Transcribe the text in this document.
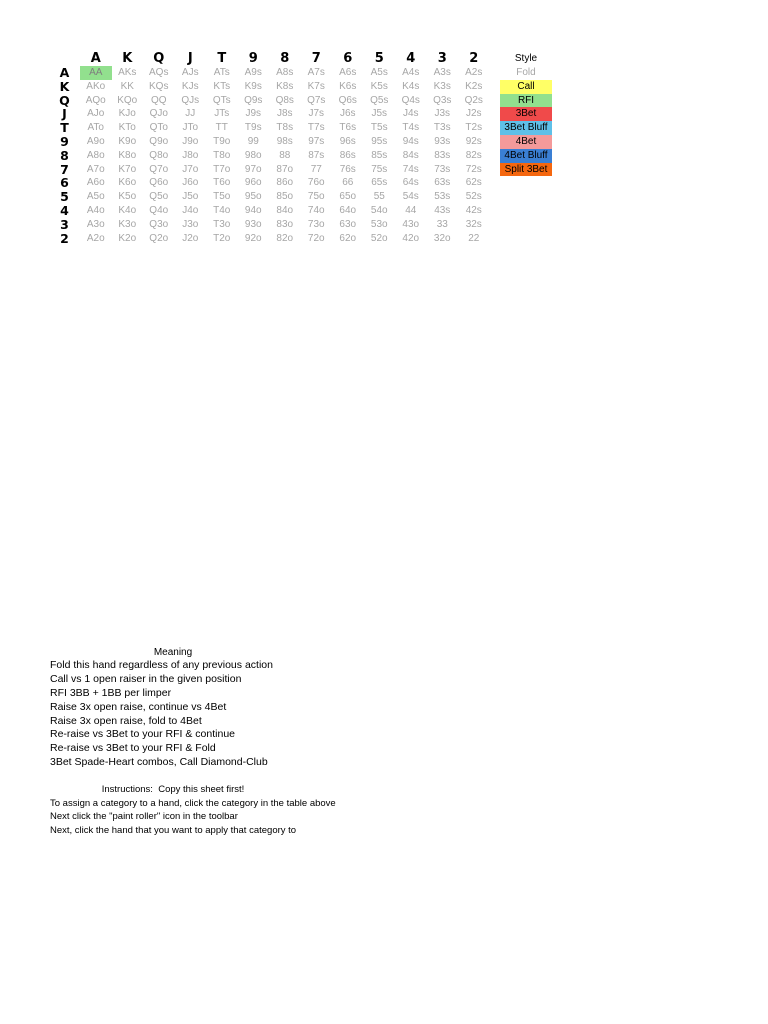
A	K	Q	J	T	9	8	7	6	5	4	3	2
A	AA	AKs	AQs	AJs	ATs	A9s	A8s	A7s	A6s	A5s	A4s	A3s	A2s
K	AKo	KK	KQs	KJs	KTs	K9s	K8s	K7s	K6s	K5s	K4s	K3s	K2s
Q	AQo	KQo	QQ	QJs	QTs	Q9s	Q8s	Q7s	Q6s	Q5s	Q4s	Q3s	Q2s
J	AJo	KJo	QJo	JJ	JTs	J9s	J8s	J7s	J6s	J5s	J4s	J3s	J2s
T	ATo	KTo	QTo	JTo	TT	T9s	T8s	T7s	T6s	T5s	T4s	T3s	T2s
9	A9o	K9o	Q9o	J9o	T9o	99	98s	97s	96s	95s	94s	93s	92s
8	A8o	K8o	Q8o	J8o	T8o	98o	88	87s	86s	85s	84s	83s	82s
7	A7o	K7o	Q7o	J7o	T7o	97o	87o	77	76s	75s	74s	73s	72s
6	A6o	K6o	Q6o	J6o	T6o	96o	86o	76o	66	65s	64s	63s	62s
5	A5o	K5o	Q5o	J5o	T5o	95o	85o	75o	65o	55	54s	53s	52s
4	A4o	K4o	Q4o	J4o	T4o	94o	84o	74o	64o	54o	44	43s	42s
3	A3o	K3o	Q3o	J3o	T3o	93o	83o	73o	63o	53o	43o	33	32s
2	A2o	K2o	Q2o	J2o	T2o	92o	82o	72o	62o	52o	42o	32o	22
Style
Fold
Call
RFI
3Bet
3Bet Bluff
4Bet
4Bet Bluff
Split 3Bet
Meaning
Fold this hand regardless of any previous action
Call vs 1 open raiser in the given position
RFI 3BB + 1BB per limper
Raise 3x open raise, continue vs 4Bet
Raise 3x open raise, fold to 4Bet
Re-raise vs 3Bet to your RFI & continue
Re-raise vs 3Bet to your RFI & Fold
3Bet Spade-Heart combos, Call Diamond-Club
Instructions:  Copy this sheet first!
To assign a category to a hand, click the category in the table above
Next click the "paint roller" icon in the toolbar
Next, click the hand that you want to apply that category to
